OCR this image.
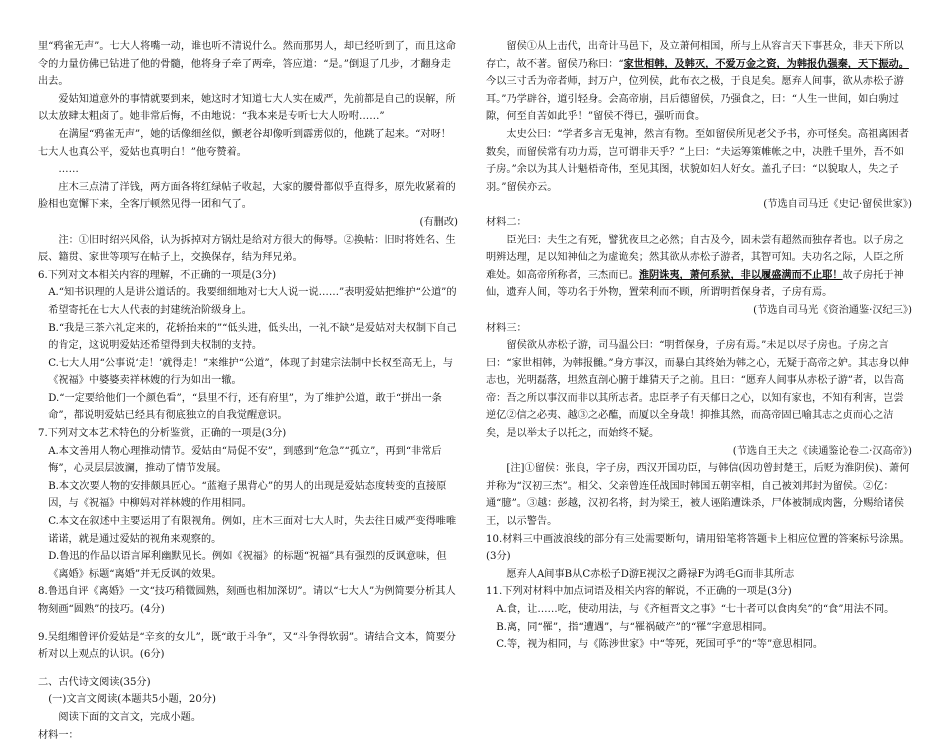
里“鸦雀无声”。七大人将嘴一动，谁也听不清说什么。然而那男人，却已经听到了，而且这命令的力量仿佛已钻进了他的骨髓，他将身子牵了两牵，答应道：“是。”倒退了几步，才翻身走出去。

爱姑知道意外的事情就要到来，她这时才知道七大人实在威严，先前都是自己的误解，所以太放肆太粗卤了。她非常后悔，不由地说：“我本来是专听七大人吩咐……”

在满屋“鸦雀无声”，她的话像细丝似，颤老谷却像听到霹雳似的，他跳了起来。“对呀！七大人也真公平，爱姑也真明白！”他夸赞着。

……

庄木三点清了洋钱，两方面各将红绿帖子收起，大家的腰骨都似乎直得多，原先收紧着的脸相也宽懈下来，全客厅顿然见得一团和气了。

(有删改)

注：①旧时绍兴风俗，认为拆掉对方锅灶是给对方很大的侮辱。②换帖：旧时将姓名、生辰、籍贯、家世等项写在帖子上，交换保存，结为拜兄弟。

6.下列对文本相关内容的理解，不正确的一项是(3分)

A.“知书识理的人是讲公道话的。我要细细地对七大人说一说……”表明爱姑把维护“公道”的希望寄托在七大人代表的封建统治阶级身上。

B.“我是三茶六礼定来的，花轿抬来的”“低头进，低头出，一礼不缺”是爱姑对夫权制下自己的肯定，这说明爱姑还希望得到夫权制的支持。

C.七大人用“公事说‘走！’就得走！”来维护“公道”，体现了封建宗法制中长权至高无上，与《祝福》中婆婆卖祥林嫂的行为如出一辙。

D.“一定要给他们一个颜色看”，“县里不行，还有府里”，为了维护公道，敢于“拼出一条命”，都说明爱姑已经具有彻底独立的自我觉醒意识。

7.下列对文本艺术特色的分析鉴赏，正确的一项是(3分)

A.本文善用人物心理推动情节。爱姑由“局促不安”，到感到“危急”“孤立”，再到“非常后悔”，心灵层层波澜，推动了情节发展。

B.本文次要人物的安排颇具匠心。“蓝袍子黑背心”的男人的出现是爱姑态度转变的直接原因，与《祝福》中柳妈对祥林嫂的作用相同。

C.本文在叙述中主要运用了有限视角。例如，庄木三面对七大人时，失去往日威严变得唯唯诺诺，就是通过爱姑的视角来观察的。

D.鲁迅的作品以语言犀利幽默见长。例如《祝福》的标题“祝福”具有强烈的反讽意味，但《离婚》标题“离婚”并无反讽的效果。

8.鲁迅自评《离婚》一文“技巧稍微圆熟，刻画也相加深切”。请以“七大人”为例简要分析其人物刻画“圆熟”的技巧。(4分)

9.吴组缃曾评价爱姑是“辛亥的女儿”，既“敢于斗争”，又“斗争得软弱”。请结合文本，简要分析对以上观点的认识。(6分)

二、古代诗文阅读(35分)

(一)文言文阅读(本题共5小题，20分)

阅读下面的文言文，完成小题。

材料一：

留侯①从上击代，出奇计马邑下，及立萧何相国，所与上从容言天下事甚众，非天下所以存亡，故不著。留侯乃称曰：“家世相韩，及韩灭，不爱万金之资，为韩报仇强秦，天下振动。今以三寸舌为帝者师，封万户，位列侯，此布衣之极，于良足矣。愿弃人间事，欲从赤松子游耳。”乃学辟谷，道引轻身。会高帝崩，吕后德留侯，乃强食之，曰：“人生一世间，如白驹过隙，何至自苦如此乎！”留侯不得已，强听而食。

太史公曰：“学者多言无鬼神，然言有物。至如留侯所见老父予书，亦可怪矣。高祖离困者数矣，而留侯常有功力焉，岂可谓非天乎？”上曰：“夫运筹策帷帐之中，决胜千里外，吾不如子房。”余以为其人计魁梧奇伟，至见其图，状貌如妇人好女。盖孔子曰：“以貌取人，失之子羽。”留侯亦云。

(节选自司马迁《史记·留侯世家》)

材料二：

臣光曰：夫生之有死，譬犹夜旦之必然；自古及今，固未尝有超然而独存者也。以子房之明辨达理，足以知神仙之为虚诡矣；然其欲从赤松子游者，其智可知。夫功名之际，人臣之所难处。如高帝所称者，三杰而已。淮阴诛夷，萧何系狱，非以履盛满而不止耶！故子房托于神仙，遗弃人间，等功名于外物，置荣利而不顾，所谓明哲保身者，子房有焉。

(节选自司马光《资治通鉴·汉纪三》)

材料三：

留侯欲从赤松子游，司马温公曰：“明哲保身，子房有焉。”未足以尽子房也。子房之言曰：“家世相韩，为韩报雠。”身方事汉，而暴白其终始为韩之心，无疑于高帝之妒。其志身以伸志也，光明磊落，坦然直剖心腑于雄猜天子之前。且曰：“愿弃人间事从赤松子游”者，以告高帝：吾之所以事汉而非以其所志者。忠臣孝子有天郁日之心，以知有家也，不知有利害，岂尝逆亿②信之必夷、越③之必醢，而厦以全身哉！抑推其然，而高帝固已喻其志之贞而心之洁矣，是以举太子以托之，而始终不疑。

(节选自王夫之《读通鉴论卷二·汉高帝》)

[注]①留侯：张良，字子房，西汉开国功臣，与韩信(因功曾封楚王，后贬为淮阴侯)、萧何并称为“汉初三杰”。相父、父亲曾连任战国时韩国五朝宰相，自己被刘邦封为留侯。②亿：通“臆”。③越：彭越，汉初名将，封为梁王，被人诬陷遭诛杀，尸体被制成肉酱，分赐给诸侯王，以示警告。

10.材料三中画波浪线的部分有三处需要断句，请用铅笔将答题卡上相应位置的答案标号涂黑。(3分)

愿弃人A间事B从C赤松子D游E视汉之爵禄F为鸿毛G而非其所志

11.下列对材料中加点词语及相关内容的解说，不正确的一项是(3分)

A.食，让……吃，使动用法，与《齐桓晋文之事》“七十者可以食肉矣”的“食”用法不同。

B.离，同“罹”，指“遭遇”，与“罹祸破产”的“罹”字意思相同。

C.等，视为相同，与《陈涉世家》中“等死，死国可乎”的“等”意思相同。
